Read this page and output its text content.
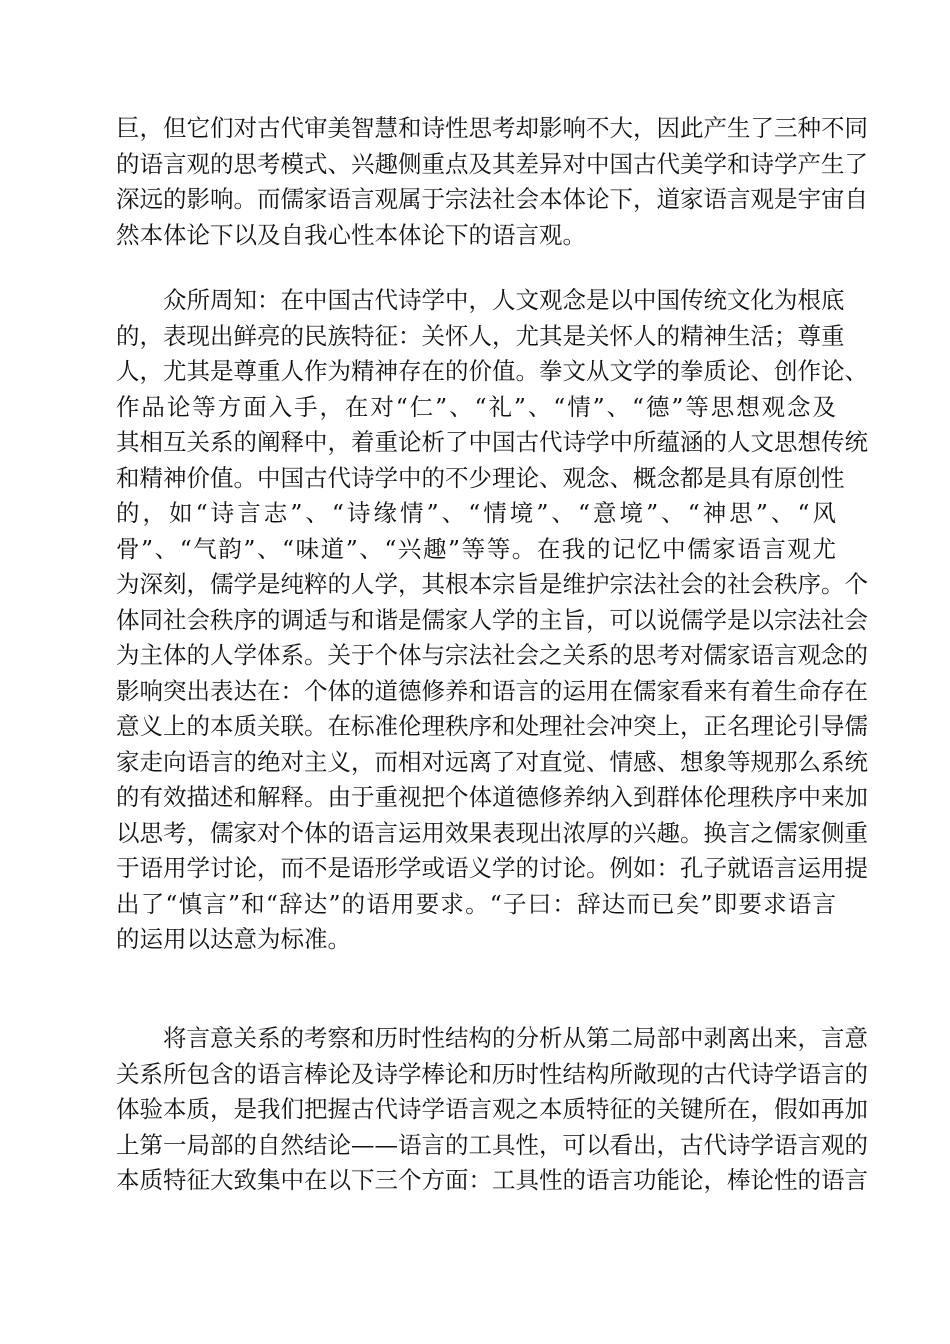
巨，但它们对古代审美智慧和诗性思考却影响不大，因此产生了三种不同
的语言观的思考模式、兴趣侧重点及其差异对中国古代美学和诗学产生了
深远的影响。而儒家语言观属于宗法社会本体论下，道家语言观是宇宙自
然本体论下以及自我心性本体论下的语言观。
众所周知：在中国古代诗学中，人文观念是以中国传统文化为根底
的，表现出鲜亮的民族特征：关怀人，尤其是关怀人的精神生活；尊重
人，尤其是尊重人作为精神存在的价值。拳文从文学的拳质论、创作论、
作品论等方面入手，在对“仁”、“礼”、“情”、“德”等思想观念及
其相互关系的阐释中，着重论析了中国古代诗学中所蕴涵的人文思想传统
和精神价值。中国古代诗学中的不少理论、观念、概念都是具有原创性
的，如“诗言志”、“诗缘情”、“情境”、“意境”、“神思”、“风
骨”、“气韵”、“味道”、“兴趣”等等。在我的记忆中儒家语言观尤
为深刻，儒学是纯粹的人学，其根本宗旨是维护宗法社会的社会秩序。个
体同社会秩序的调适与和谐是儒家人学的主旨，可以说儒学是以宗法社会
为主体的人学体系。关于个体与宗法社会之关系的思考对儒家语言观念的
影响突出表达在：个体的道德修养和语言的运用在儒家看来有着生命存在
意义上的本质关联。在标准伦理秩序和处理社会冲突上，正名理论引导儒
家走向语言的绝对主义，而相对远离了对直觉、情感、想象等规那么系统
的有效描述和解释。由于重视把个体道德修养纳入到群体伦理秩序中来加
以思考，儒家对个体的语言运用效果表现出浓厚的兴趣。换言之儒家侧重
于语用学讨论，而不是语形学或语义学的讨论。例如：孔子就语言运用提
出了“慎言”和“辞达”的语用要求。“子曰：辞达而已矣”即要求语言
的运用以达意为标准。
将言意关系的考察和历时性结构的分析从第二局部中剥离出来，言意
关系所包含的语言棒论及诗学棒论和历时性结构所敞现的古代诗学语言的
体验本质，是我们把握古代诗学语言观之本质特征的关键所在，假如再加
上第一局部的自然结论——语言的工具性，可以看出，古代诗学语言观的
本质特征大致集中在以下三个方面：工具性的语言功能论，棒论性的语言
